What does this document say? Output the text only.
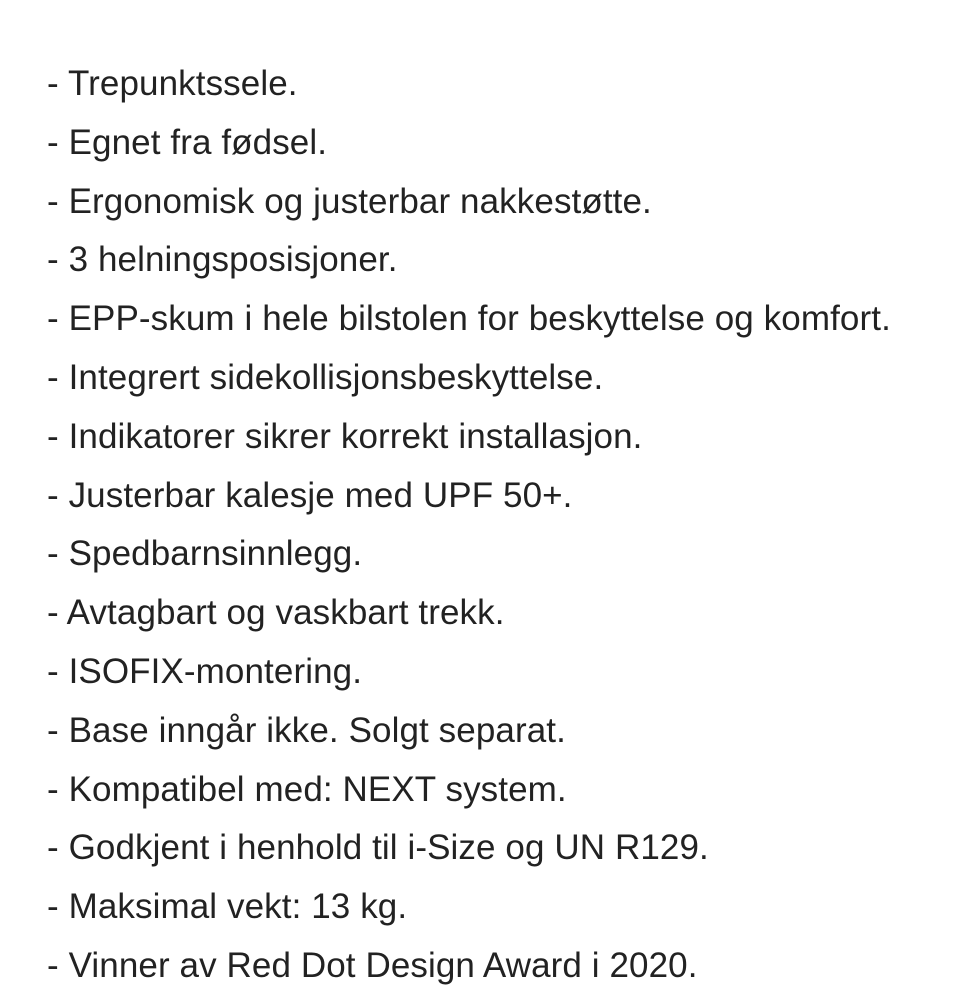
- Trepunktssele.
- Egnet fra fødsel.
- Ergonomisk og justerbar nakkestøtte.
- 3 helningsposisjoner.
- EPP-skum i hele bilstolen for beskyttelse og komfort.
- Integrert sidekollisjonsbeskyttelse.
- Indikatorer sikrer korrekt installasjon.
- Justerbar kalesje med UPF 50+.
- Spedbarnsinnlegg.
- Avtagbart og vaskbart trekk.
- ISOFIX-montering.
- Base inngår ikke. Solgt separat.
- Kompatibel med: NEXT system.
- Godkjent i henhold til i-Size og UN R129.
- Maksimal vekt: 13 kg.
- Vinner av Red Dot Design Award i 2020.
